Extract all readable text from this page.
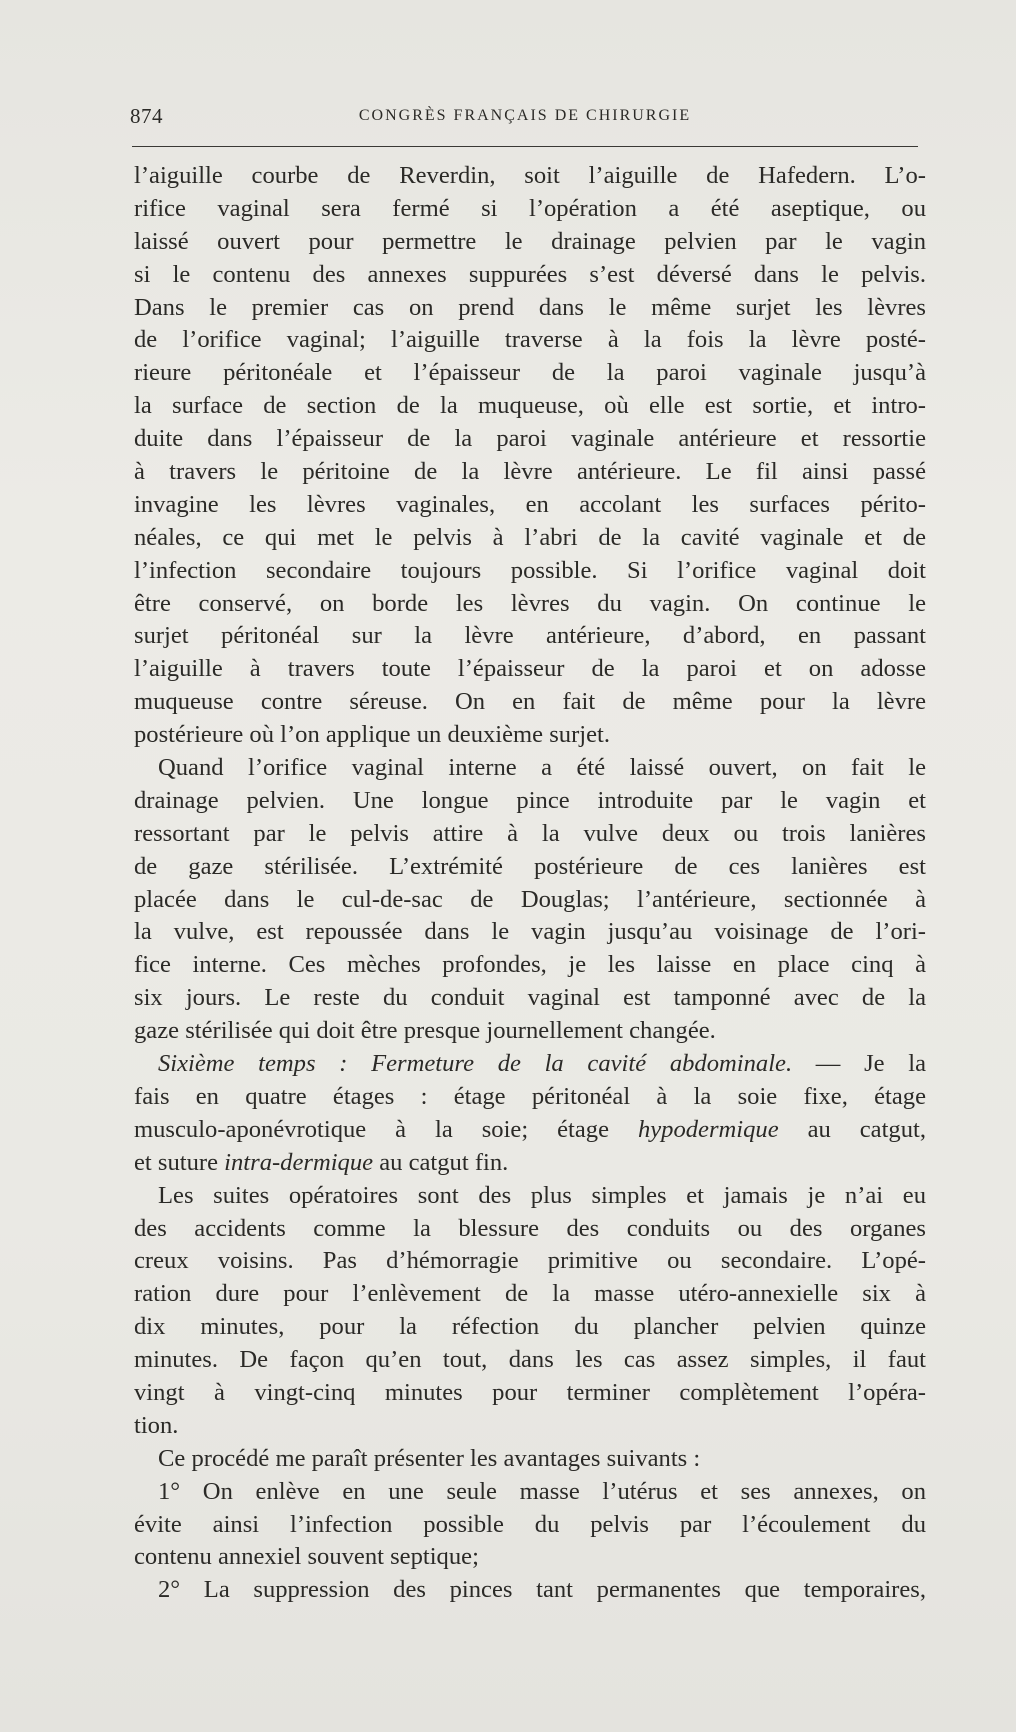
874	CONGRÈS FRANÇAIS DE CHIRURGIE
l’aiguille courbe de Reverdin, soit l’aiguille de Hafedern. L’o-
rifice vaginal sera fermé si l’opération a été aseptique, ou
laissé ouvert pour permettre le drainage pelvien par le vagin
si le contenu des annexes suppurées s’est déversé dans le pelvis.
Dans le premier cas on prend dans le même surjet les lèvres
de l’orifice vaginal; l’aiguille traverse à la fois la lèvre posté-
rieure péritonéale et l’épaisseur de la paroi vaginale jusqu’à
la surface de section de la muqueuse, où elle est sortie, et intro-
duite dans l’épaisseur de la paroi vaginale antérieure et ressortie
à travers le péritoine de la lèvre antérieure. Le fil ainsi passé
invagine les lèvres vaginales, en accolant les surfaces périto-
néales, ce qui met le pelvis à l’abri de la cavité vaginale et de
l’infection secondaire toujours possible. Si l’orifice vaginal doit
être conservé, on borde les lèvres du vagin. On continue le
surjet péritonéal sur la lèvre antérieure, d’abord, en passant
l’aiguille à travers toute l’épaisseur de la paroi et on adosse
muqueuse contre séreuse. On en fait de même pour la lèvre
postérieure où l’on applique un deuxième surjet.
Quand l’orifice vaginal interne a été laissé ouvert, on fait le
drainage pelvien. Une longue pince introduite par le vagin et
ressortant par le pelvis attire à la vulve deux ou trois lanières
de gaze stérilisée. L’extrémité postérieure de ces lanières est
placée dans le cul-de-sac de Douglas; l’antérieure, sectionnée à
la vulve, est repoussée dans le vagin jusqu’au voisinage de l’ori-
fice interne. Ces mèches profondes, je les laisse en place cinq à
six jours. Le reste du conduit vaginal est tamponné avec de la
gaze stérilisée qui doit être presque journellement changée.
Sixième temps : Fermeture de la cavité abdominale. — Je la
fais en quatre étages : étage péritonéal à la soie fixe, étage
musculo-aponévrotique à la soie; étage hypodermique au catgut,
et suture intra-dermique au catgut fin.
Les suites opératoires sont des plus simples et jamais je n’ai eu
des accidents comme la blessure des conduits ou des organes
creux voisins. Pas d’hémorragie primitive ou secondaire. L’opé-
ration dure pour l’enlèvement de la masse utéro-annexielle six à
dix minutes, pour la réfection du plancher pelvien quinze
minutes. De façon qu’en tout, dans les cas assez simples, il faut
vingt à vingt-cinq minutes pour terminer complètement l’opéra-
tion.
Ce procédé me paraît présenter les avantages suivants :
1° On enlève en une seule masse l’utérus et ses annexes, on
évite ainsi l’infection possible du pelvis par l’écoulement du
contenu annexiel souvent septique;
2° La suppression des pinces tant permanentes que temporaires,
